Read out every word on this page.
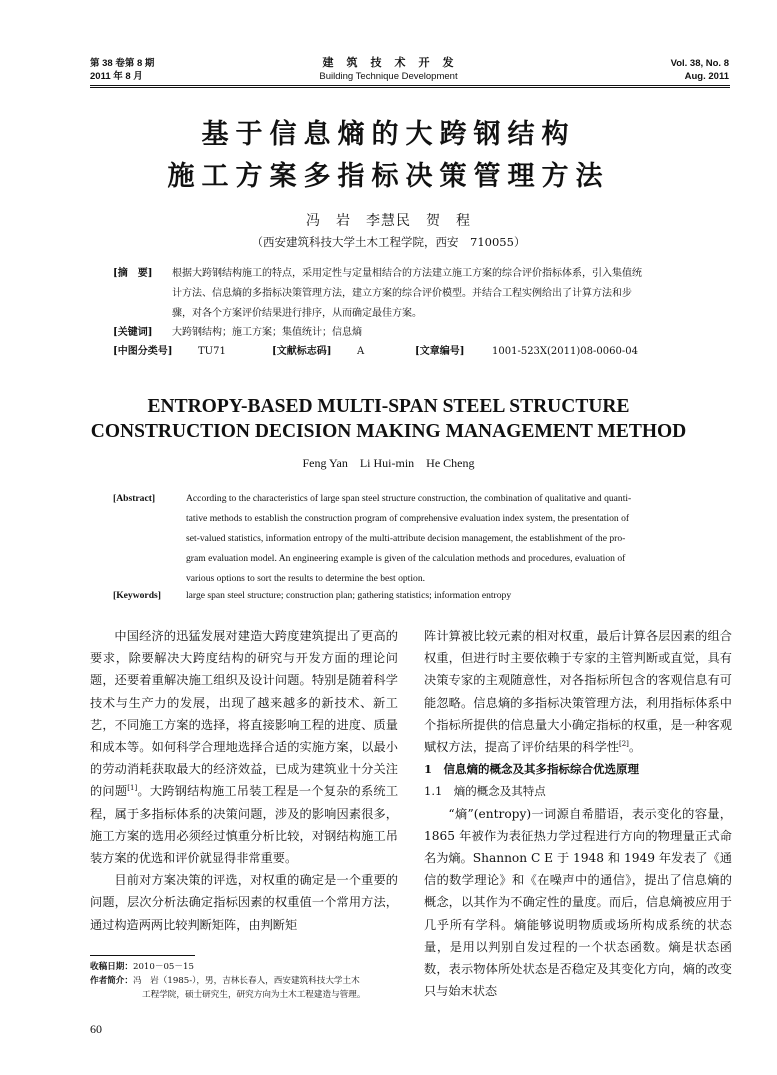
第 38 卷第 8 期
2011 年 8 月
建　筑　技　术　开　发
Building Technique Development
Vol. 38, No. 8
Aug. 2011
基于信息熵的大跨钢结构
施工方案多指标决策管理方法
冯　岩　李慧民　贺　程
（西安建筑科技大学土木工程学院，西安　710055）
[摘　要] 根据大跨钢结构施工的特点，采用定性与定量相结合的方法建立施工方案的综合评价指标体系，引入集值统
计方法、信息熵的多指标决策管理方法，建立方案的综合评价模型。并结合工程实例给出了计算方法和步
骤，对各个方案评价结果进行排序，从而确定最佳方案。
[关键词] 大跨钢结构；施工方案；集值统计；信息熵
[中图分类号]	TU71	[文献标志码]	A	[文章编号]	1001-523X(2011)08-0060-04
ENTROPY-BASED MULTI-SPAN STEEL STRUCTURE
CONSTRUCTION DECISION MAKING MANAGEMENT METHOD
Feng Yan　Li Hui-min　He Cheng
[Abstract]	According to the characteristics of large span steel structure construction, the combination of qualitative and quanti-
tative methods to establish the construction program of comprehensive evaluation index system, the presentation of
set-valued statistics, information entropy of the multi-attribute decision management, the establishment of the pro-
gram evaluation model. An engineering example is given of the calculation methods and procedures, evaluation of
various options to sort the results to determine the best option.
[Keywords]	large span steel structure; construction plan; gathering statistics; information entropy

中国经济的迅猛发展对建造大跨度建筑提出了更高的要求，除要解决大跨度结构的研究与开发方面的理论问题，还要着重解决施工组织及设计问题。特别是随着科学技术与生产力的发展，出现了越来越多的新技术、新工艺，不同施工方案的选择，将直接影响工程的进度、质量和成本等。如何科学合理地选择合适的实施方案，以最小的劳动消耗获取最大的经济效益，已成为建筑业十分关注的问题[1]。大跨钢结构施工吊装工程是一个复杂的系统工程，属于多指标体系的决策问题，涉及的影响因素很多，施工方案的选用必须经过慎重分析比较，对钢结构施工吊装方案的优选和评价就显得非常重要。

目前对方案决策的评选，对权重的确定是一个重要的问题，层次分析法确定指标因素的权重值一个常用方法，通过构造两两比较判断矩阵，由判断矩

收稿日期：2010－05－15
作者简介：冯　岩（1985-），男，吉林长春人，西安建筑科技大学土木
工程学院，硕士研究生，研究方向为土木工程建造与管理。
60
阵计算被比较元素的相对权重，最后计算各层因素的组合权重，但进行时主要依赖于专家的主管判断或直觉，具有决策专家的主观随意性，对各指标所包含的客观信息有可能忽略。信息熵的多指标决策管理方法，利用指标体系中个指标所提供的信息量大小确定指标的权重，是一种客观赋权方法，提高了评价结果的科学性[2]。
1　信息熵的概念及其多指标综合优选原理
1.1　熵的概念及其特点
“熵”(entropy)一词源自希腊语，表示变化的容量，1865 年被作为表征热力学过程进行方向的物理量正式命名为熵。Shannon C E 于 1948 和 1949 年发表了《通信的数学理论》和《在噪声中的通信》，提出了信息熵的概念，以其作为不确定性的量度。而后，信息熵被应用于几乎所有学科。熵能够说明物质或场所构成系统的状态量，是用以判别自发过程的一个状态函数。熵是状态函数，表示物体所处状态是否稳定及其变化方向，熵的改变只与始末状态
